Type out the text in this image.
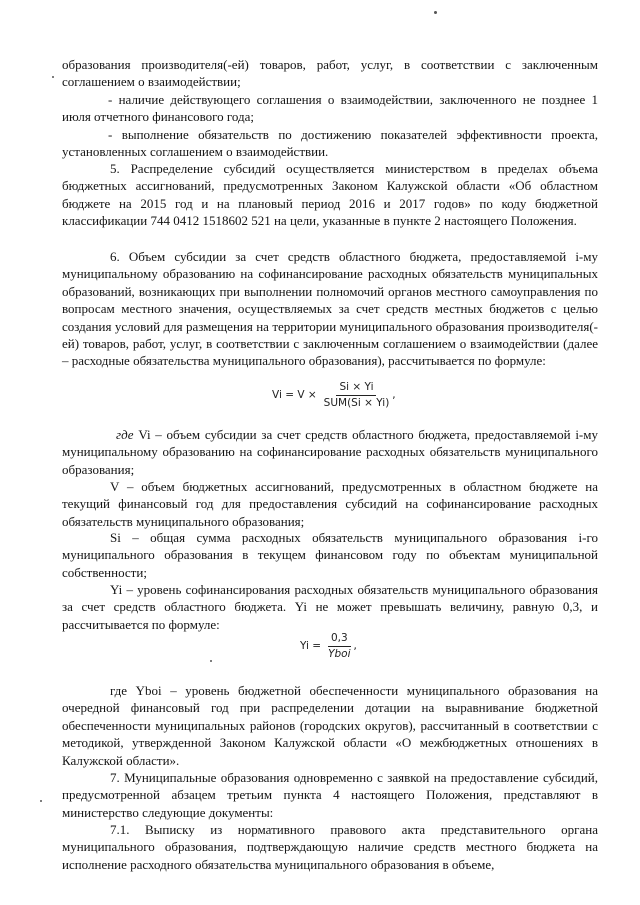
образования производителя(-ей) товаров, работ, услуг, в соответствии с заключенным соглашением о взаимодействии;

- наличие действующего соглашения о взаимодействии, заключенного не позднее 1 июля отчетного финансового года;

- выполнение обязательств по достижению показателей эффективности проекта, установленных соглашением о взаимодействии.

5. Распределение субсидий осуществляется министерством в пределах объема бюджетных ассигнований, предусмотренных Законом Калужской области «Об областном бюджете на 2015 год и на плановый период 2016 и 2017 годов» по коду бюджетной классификации 744 0412 1518602 521 на цели, указанные в пункте 2 настоящего Положения.

6. Объем субсидии за счет средств областного бюджета, предоставляемой i-му муниципальному образованию на софинансирование расходных обязательств муниципальных образований, возникающих при выполнении полномочий органов местного самоуправления по вопросам местного значения, осуществляемых за счет средств местных бюджетов с целью создания условий для размещения на территории муниципального образования производителя(-ей) товаров, работ, услуг, в соответствии с заключенным соглашением о взаимодействии (далее – расходные обязательства муниципального образования), рассчитывается по формуле:

$Vi = V \times \frac{Si \times Yi}{\text{SUM(Si × Yi)}}$ ,

где Vi – объем субсидии за счет средств областного бюджета, предоставляемой i-му муниципальному образованию на софинансирование расходных обязательств муниципального образования;

V – объем бюджетных ассигнований, предусмотренных в областном бюджете на текущий финансовый год для предоставления субсидий на софинансирование расходных обязательств муниципального образования;

Si – общая сумма расходных обязательств муниципального образования i-го муниципального образования в текущем финансовом году по объектам муниципальной собственности;

Yi – уровень софинансирования расходных обязательств муниципального образования за счет средств областного бюджета. Yi не может превышать величину, равную 0,3, и рассчитывается по формуле:

$Yi = \frac{0,3}{\text{Yboi}}$ ,

где Yboi – уровень бюджетной обеспеченности муниципального образования на очередной финансовый год при распределении дотации на выравнивание бюджетной обеспеченности муниципальных районов (городских округов), рассчитанный в соответствии с методикой, утвержденной Законом Калужской области «О межбюджетных отношениях в Калужской области».

7. Муниципальные образования одновременно с заявкой на предоставление субсидий, предусмотренной абзацем третьим пункта 4 настоящего Положения, представляют в министерство следующие документы:

7.1. Выписку из нормативного правового акта представительного органа муниципального образования, подтверждающую наличие средств местного бюджета на исполнение расходного обязательства муниципального образования в объеме,
